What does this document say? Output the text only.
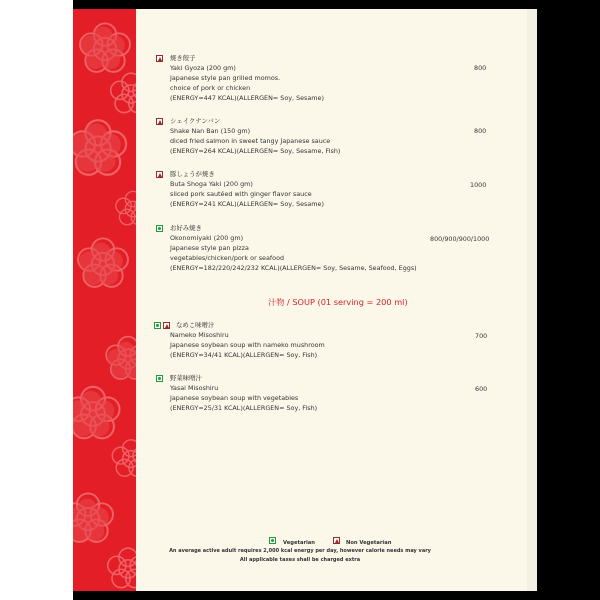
焼き餃子
Yaki Gyoza (200 gm)
Japanese style pan grilled momos.
choice of pork or chicken
(ENERGY=447 KCAL)(ALLERGEN= Soy, Sesame)
800
シェイクナンバン
Shake Nan Ban (150 gm)
diced fried salmon in sweet tangy Japanese sauce
(ENERGY=264 KCAL)(ALLERGEN= Soy, Sesame, Fish)
800
豚しょうが焼き
Buta Shoga Yaki (200 gm)
sliced pork sautéed with ginger flavor sauce
(ENERGY=241 KCAL)(ALLERGEN= Soy, Sesame)
1000
お好み焼き
Okonomiyaki (200 gm)
Japanese style pan pizza
vegetables/chicken/pork or seafood
(ENERGY=182/220/242/232 KCAL)(ALLERGEN= Soy, Sesame, Seafood, Eggs)
800/900/900/1000
汁物 / SOUP (01 serving = 200 ml)
なめこ味噌汁
Nameko Misoshiru
Japanese soybean soup with nameko mushroom
(ENERGY=34/41 KCAL)(ALLERGEN= Soy, Fish)
700
野菜味噌汁
Yasai Misoshiru
Japanese soybean soup with vegetables
(ENERGY=25/31 KCAL)(ALLERGEN= Soy, Fish)
600
Vegetarian	Non Vegetarian
An average active adult requires 2,000 kcal energy per day, however calorie needs may vary
All applicable taxes shall be charged extra
